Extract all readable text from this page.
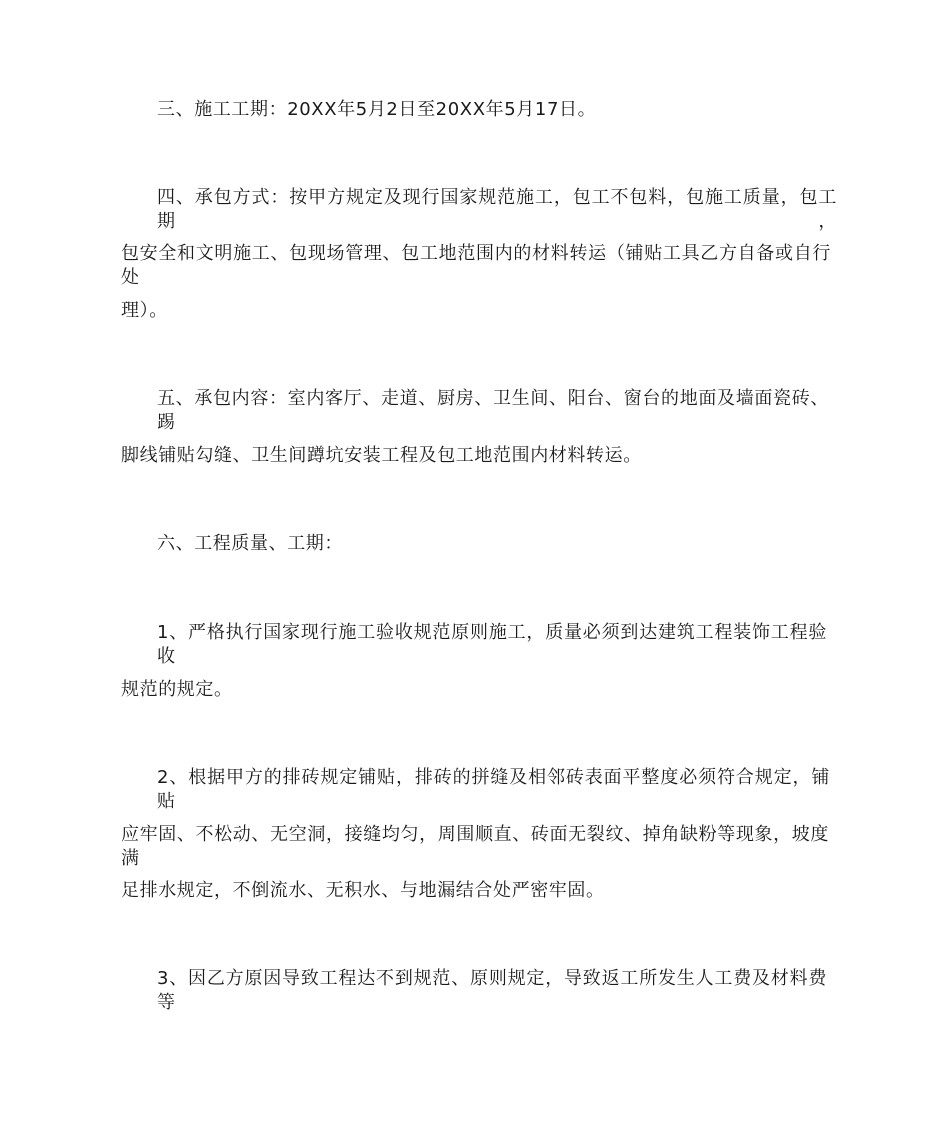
三、施工工期：20XX年5月2日至20XX年5月17日。
四、承包方式：按甲方规定及现行国家规范施工，包工不包料，包施工质量，包工期，
包安全和文明施工、包现场管理、包工地范围内的材料转运（铺贴工具乙方自备或自行处
理）。
五、承包内容：室内客厅、走道、厨房、卫生间、阳台、窗台的地面及墙面瓷砖、踢
脚线铺贴勾缝、卫生间蹲坑安装工程及包工地范围内材料转运。
六、工程质量、工期：
1、严格执行国家现行施工验收规范原则施工，质量必须到达建筑工程装饰工程验收
规范的规定。
2、根据甲方的排砖规定铺贴，排砖的拼缝及相邻砖表面平整度必须符合规定，铺贴
应牢固、不松动、无空洞，接缝均匀，周围顺直、砖面无裂纹、掉角缺粉等现象，坡度满
足排水规定，不倒流水、无积水、与地漏结合处严密牢固。
3、因乙方原因导致工程达不到规范、原则规定，导致返工所发生人工费及材料费等
